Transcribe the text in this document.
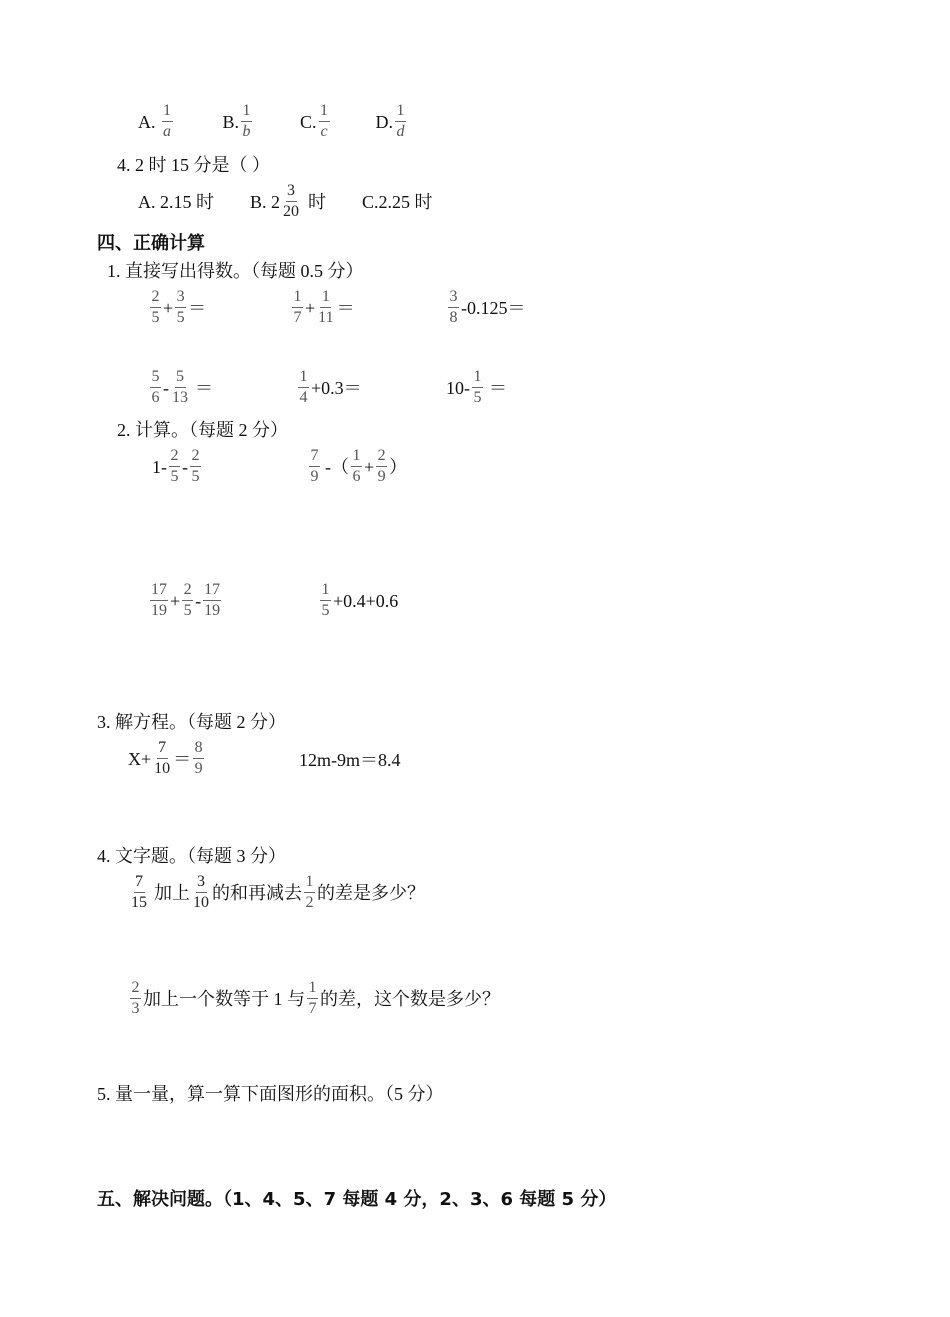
A. $\frac{1}{a}$	B. $\frac{1}{b}$	C. $\frac{1}{c}$	D. $\frac{1}{d}$
4. 2 时 15 分是（ ）
A. 2.15 时 B. $2 \frac{3}{20}$ 时 C.2.25 时
四、正确计算
1. 直接写出得数。（每题 0.5 分）
$\frac{2}{5} + \frac{3}{5}$ ＝	$\frac{1}{7} + \frac{1}{11}$ ＝	$\frac{3}{8} -0.125=$
$\frac{5}{6} - \frac{5}{13}$ ＝	$\frac{1}{4} +0.3=$	$10- \frac{1}{5}$ ＝
2. 计算。（每题 2 分）
$1- \frac{2}{5} - \frac{2}{5}$	$\frac{7}{9}$ - （ $\frac{1}{6} + \frac{2}{9}$ ）
$\frac{17}{19} + \frac{2}{5} - \frac{17}{19}$	$\frac{1}{5} +0.4+0.6$
3. 解方程。（每题 2 分）
$X+ \frac{7}{10} = \frac{8}{9}$	12m-9m＝8.4
4. 文字题。（每题 3 分）
$\frac{7}{15}$ 加上 $\frac{3}{10}$ 的和再减去 $\frac{1}{2}$ 的差是多少？
$\frac{2}{3}$ 加上一个数等于 1 与 $\frac{1}{7}$ 的差，这个数是多少？
5. 量一量，算一算下面图形的面积。（5 分）
五、解决问题。（1、4、5、7 每题 4 分，2、3、6 每题 5 分）
